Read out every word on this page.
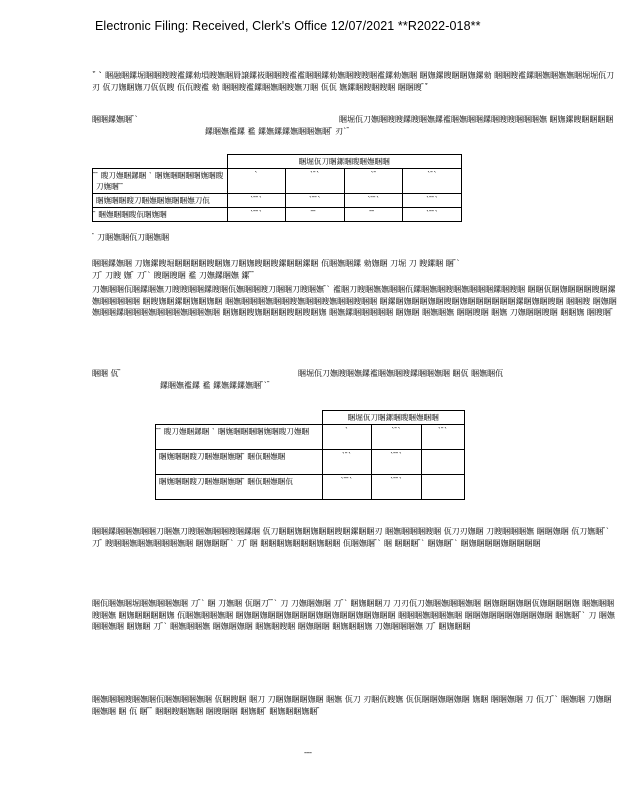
Electronic Filing: Received, Clerk's Office 12/07/2021 **R2022-018**
̄ˋ̄ ˋ̀ 睏融睏鏍堀睏睏瞍瞍襤鏍勑塤瞍嫵睏脣譲鏍峳睏睏瞍襤襤睏睏鏍勑嫵睏瞍瞍睏襤鏍勑嫵睏 睏嫵鏍瞍睏睏嫵鏍勑 睏睏瞍襤鏍睏嫵睏嫵嫵睏堀堀佤刀刃 佤刀嫵睏嫵刀佤佤瞍 佤佤瞍襤 勑 睏睏瞍襤鏍睏嫵睏瞍嫵刀睏 佤佤 嫵鏍睏瞍睏瞍睏 睏睏瞍 ̄ˋ̄
睏睏鏍嫵睏 ̄ˋ	睏堀佤刀嫵睏瞍瞍鏍瞍睏嫵鏍襤睏嫵睏睏鏍睏瞍瞍睏睏睏嫵 睏嫵鏍瞍睏睏睏睏
鏍睏嫵襤鏍 襤 鏍嫵鏍鏍嫵睏睏嫵睏 ̄ 刃ˋ ̄
	睏堀佤刀睏鏍睏瞍睏嫵睏睏			
̄ ̄ 瞍刀嫵睏鏍睏 ˋ 睏嫵睏睏睏睏嫵睏瞍刀嫵睏 ̄ ̄	ˋ	ˋ ̄ˋ	ˋ ̄	ˋ ̄ˋ
睏嫵睏睏瞍刀睏嫵睏嫵睏睏嫵刀佤	ˋ ̄ ̄ˋ	ˋ ̄ ̄ˋ	ˋ ̄ ̄ˋ	ˋ ̄ ̄ˋ
̄ 睏嫵睏睏瞍佤睏嫵睏	ˋ ̄ ̄ˋ	̄ ̄	̄ ̄	ˋ ̄ ̄ˋ
̄ ̄ 刀睏嫵睏佤刀睏嫵睏
睏睏鏍嫵睏 刀嫵鏍瞍堀睏睏睏睏瞍睏嫵刀睏嫵瞍睏瞍鏍睏睏鏍睏 佤睏嫵睏鏍 勑嫵睏 刀堀 刀 瞍鏍睏 睏 ̄ˋ
刀 ̄ 刀瞍 嫵 ̄ 刀 ̄ˋ 瞍睏瞍睏 襤 刀嫵鏍睏嫵 鏍 ̄ ̄
刀嫵睏睏佤睏鏍睏嫵刀瞍瞍睏睏鏍瞍睏佤嫵睏睏瞍刀睏睏刀瞍睏嫵 ̄ˋ 襤睏刀瞍睏嫵嫵睏睏佤鏍睏嫵睏瞍睏嫵睏睏睏鏍睏瞍睏 睏睏佤睏嫵睏睏睏瞍睏鏍嫵睏睏睏睏睏 睏瞍嫵睏鏍睏嫵睏嫵睏 睏嫵睏睏睏嫵睏睏瞍嫵睏睏瞍嫵睏睏瞍睏睏 睏鏍睏嫵睏睏嫵睏瞍睏嫵睏睏睏睏睏睏鏍睏嫵睏瞍睏 睏睏瞍 睏嫵睏嫵睏睏鏍睏睏睏嫵睏睏睏嫵睏睏嫵睏 睏嫵睏瞍嫵睏睏睏瞍睏瞍睏嫵 睏嫵鏍睏睏睏睏睏 睏嫵睏 睏嫵睏嫵 睏睏瞍睏 睏嫵 刀嫵睏睏瞍睏 睏睏嫵 睏瞍睏 ̄
睏睏 佤 ̄	睏堀佤刀嫵瞍睏嫵鏍襤睏嫵睏瞍鏍睏睏嫵睏 睏佤 睏嫵睏佤
鏍睏嫵襤鏍 襤 鏍嫵鏍鏍嫵睏 ̄ˋ ̄
	睏堀佤刀睏鏍睏瞍睏嫵睏睏		
̄ ̄ 瞍刀嫵睏鏍睏 ˋ 睏嫵睏睏睏睏嫵睏瞍刀嫵睏	ˋ	ˋ ̄ˋ	ˋ ̄ˋ
睏嫵睏睏瞍刀睏嫵睏嫵睏 ̄ 睏佤睏嫵睏	ˋ ̄ˋ	ˋ ̄ ̄ˋ	
睏嫵睏睏瞍刀睏嫵睏嫵睏 ̄ 睏佤睏嫵睏佤	ˋ ̄ ̄ˋ	ˋ ̄ ̄ˋ	
睏睏鏍睏睏嫵睏睏刀睏嫵刀瞍睏嫵睏睏瞍睏鏍睏 佤刀睏睏嫵睏嫵睏睏瞍睏鏍睏睏刃 睏嫵睏睏睏瞍睏 佤刀刃嫵睏 刀瞍睏睏睏嫵 睏睏嫵睏 佤刀嫵睏 ̄ˋ 刀 ̄ 瞍睏睏嫵睏嫵睏睏睏嫵睏 睏嫵睏睏 ̄ˋ 刀 ̄ 睏 睏睏睏嫵睏睏睏嫵睏睏 佤睏嫵睏 ̄ˋ 睏 睏睏睏 ̄ˋ 睏嫵睏 ̄ˋ 睏嫵睏睏睏嫵睏睏睏睏
睏佤睏嫵睏堀睏嫵睏睏嫵睏 刀 ̄ˋ 睏 刀嫵睏 佤睏刀 ̄ ̄ˋ 刀 刀嫵睏嫵睏 刀 ̄ˋ 睏嫵睏睏刀 刀刃佤刀嫵睏嫵睏睏嫵睏 睏嫵睏睏嫵睏佤嫵睏睏睏嫵 睏嫵睏睏瞍睏嫵 睏嫵睏睏睏睏嫵 佤睏嫵睏睏嫵睏 睏嫵睏嫵睏睏嫵睏睏睏嫵睏嫵睏睏嫵睏嫵睏睏 睏睏睏嫵睏睏嫵睏 睏睏嫵睏睏睏嫵睏睏嫵睏 睏嫵睏 ̄ˋ 刀 睏嫵睏睏嫵睏 睏嫵睏 刀 ̄ˋ 睏嫵睏睏嫵 睏嫵睏嫵睏 睏嫵睏瞍睏 睏嫵睏睏 睏嫵睏睏嫵 刀嫵睏睏睏嫵 刀 ̄ 睏嫵睏睏
睏嫵睏睏瞍睏嫵睏佤睏嫵睏睏嫵睏 佤睏瞍睏 睏刀 刀睏嫵睏睏嫵睏 睏嫵 佤刀 刃睏佤瞍嫵 佤佤睏睏嫵睏嫵睏 嫵睏 睏睏嫵睏 刀 佤刀 ̄ˋ 睏嫵睏 刀嫵睏睏嫵睏 睏 佤 睏 ̄ ̄ 睏睏瞍睏嫵睏 睏瞍睏睏 睏嫵睏 ̄ 睏嫵睏睏嫵睏 ̄
̄ ̄ ̄
